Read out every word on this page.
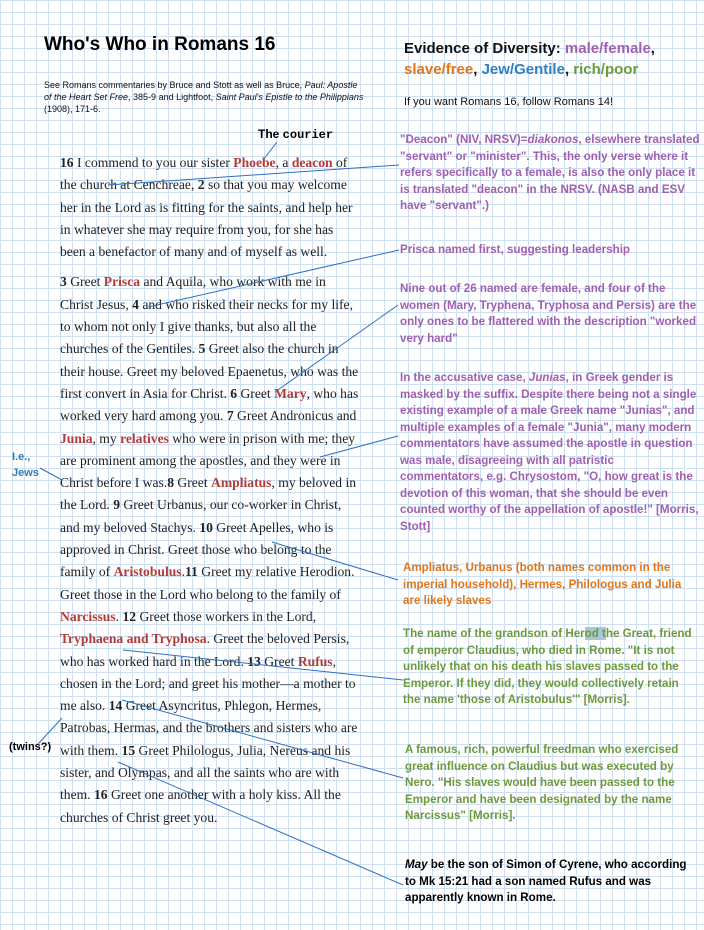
Who's Who in Romans 16
See Romans commentaries by Bruce and Stott as well as Bruce, Paul: Apostle of the Heart Set Free, 385-9 and Lightfoot, Saint Paul's Epistle to the Philippians (1908), 171-6.
The courier

16 I commend to you our sister Phoebe, a deacon of the church at Cenchreae, 2 so that you may welcome her in the Lord as is fitting for the saints, and help her in whatever she may require from you, for she has been a benefactor of many and of myself as well.

3 Greet Prisca and Aquila, who work with me in Christ Jesus, 4 and who risked their necks for my life, to whom not only I give thanks, but also all the churches of the Gentiles. 5 Greet also the church in their house. Greet my beloved Epaenetus, who was the first convert in Asia for Christ. 6 Greet Mary, who has worked very hard among you. 7 Greet Andronicus and Junia, my relatives who were in prison with me; they are prominent among the apostles, and they were in Christ before I was.8 Greet Ampliatus, my beloved in the Lord. 9 Greet Urbanus, our co-worker in Christ, and my beloved Stachys. 10 Greet Apelles, who is approved in Christ. Greet those who belong to the family of Aristobulus.11 Greet my relative Herodion. Greet those in the Lord who belong to the family of Narcissus. 12 Greet those workers in the Lord, Tryphaena and Tryphosa. Greet the beloved Persis, who has worked hard in the Lord. 13 Greet Rufus, chosen in the Lord; and greet his mother—a mother to me also. 14 Greet Asyncritus, Phlegon, Hermes, Patrobas, Hermas, and the brothers and sisters who are with them. 15 Greet Philologus, Julia, Nereus and his sister, and Olympas, and all the saints who are with them. 16 Greet one another with a holy kiss. All the churches of Christ greet you.

Evidence of Diversity: male/female,
slave/free, Jew/Gentile, rich/poor
If you want Romans 16, follow Romans 14!
"Deacon" (NIV, NRSV)=diakonos, elsewhere translated "servant" or "minister". This, the only verse where it refers specifically to a female, is also the only place it is translated "deacon" in the NRSV. (NASB and ESV have "servant".)
Prisca named first, suggesting leadership
Nine out of 26 named are female, and four of the women (Mary, Tryphena, Tryphosa and Persis) are the only ones to be flattered with the description "worked very hard"
In the accusative case, Junias, in Greek gender is masked by the suffix. Despite there being not a single existing example of a male Greek name "Junias", and multiple examples of a female "Junia", many modern commentators have assumed the apostle in question was male, disagreeing with all patristic commentators, e.g. Chrysostom, "O, how great is the devotion of this woman, that she should be even counted worthy of the appellation of apostle!" [Morris, Stott]
Ampliatus, Urbanus (both names common in the imperial household), Hermes, Philologus and Julia are likely slaves
The name of the grandson of Herod the Great, friend of emperor Claudius, who died in Rome. "It is not unlikely that on his death his slaves passed to the Emperor. If they did, they would collectively retain the name 'those of Aristobulus'" [Morris].
A famous, rich, powerful freedman who exercised great influence on Claudius but was executed by Nero. "His slaves would have been passed to the Emperor and have been designated by the name Narcissus" [Morris].
May be the son of Simon of Cyrene, who according to Mk 15:21 had a son named Rufus and was apparently known in Rome.
I.e.,
Jews
(twins?)
